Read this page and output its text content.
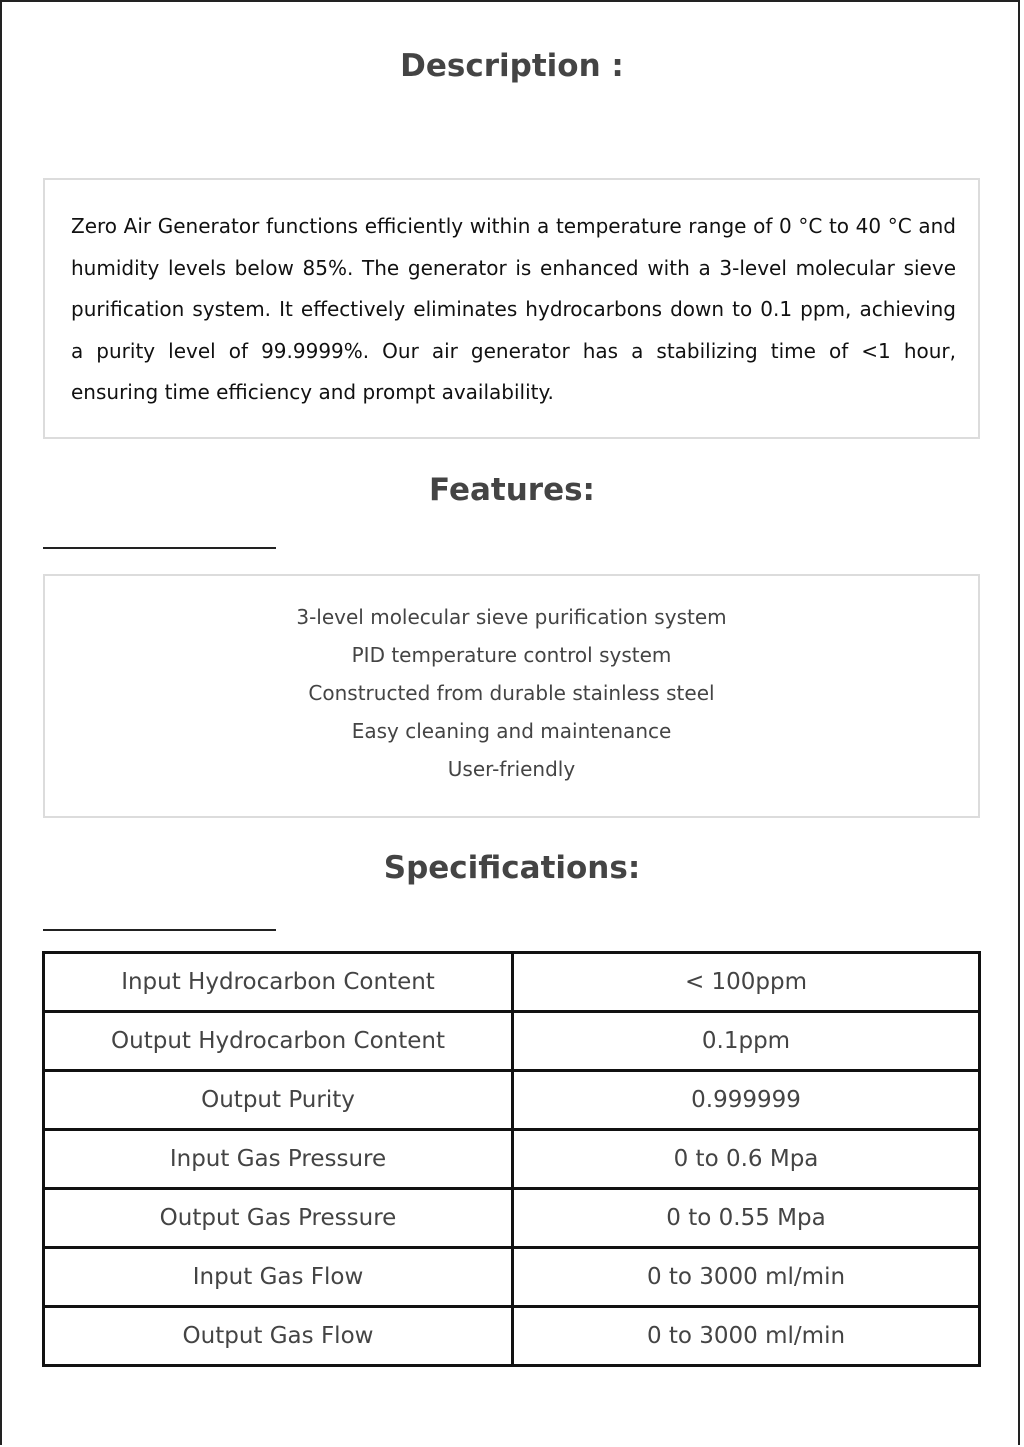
Description :

Zero Air Generator functions efficiently within a temperature range of 0 °C to 40 °C and humidity levels below 85%. The generator is enhanced with a 3-level molecular sieve purification system. It effectively eliminates hydrocarbons down to 0.1 ppm, achieving a purity level of 99.9999%. Our air generator has a stabilizing time of <1 hour, ensuring time efficiency and prompt availability.

Features:
3-level molecular sieve purification system
PID temperature control system
Constructed from durable stainless steel
Easy cleaning and maintenance
User-friendly
Specifications:
Input Hydrocarbon Content	< 100ppm
Output Hydrocarbon Content	0.1ppm
Output Purity	0.999999
Input Gas Pressure	0 to 0.6 Mpa
Output Gas Pressure	0 to 0.55 Mpa
Input Gas Flow	0 to 3000 ml/min
Output Gas Flow	0 to 3000 ml/min
